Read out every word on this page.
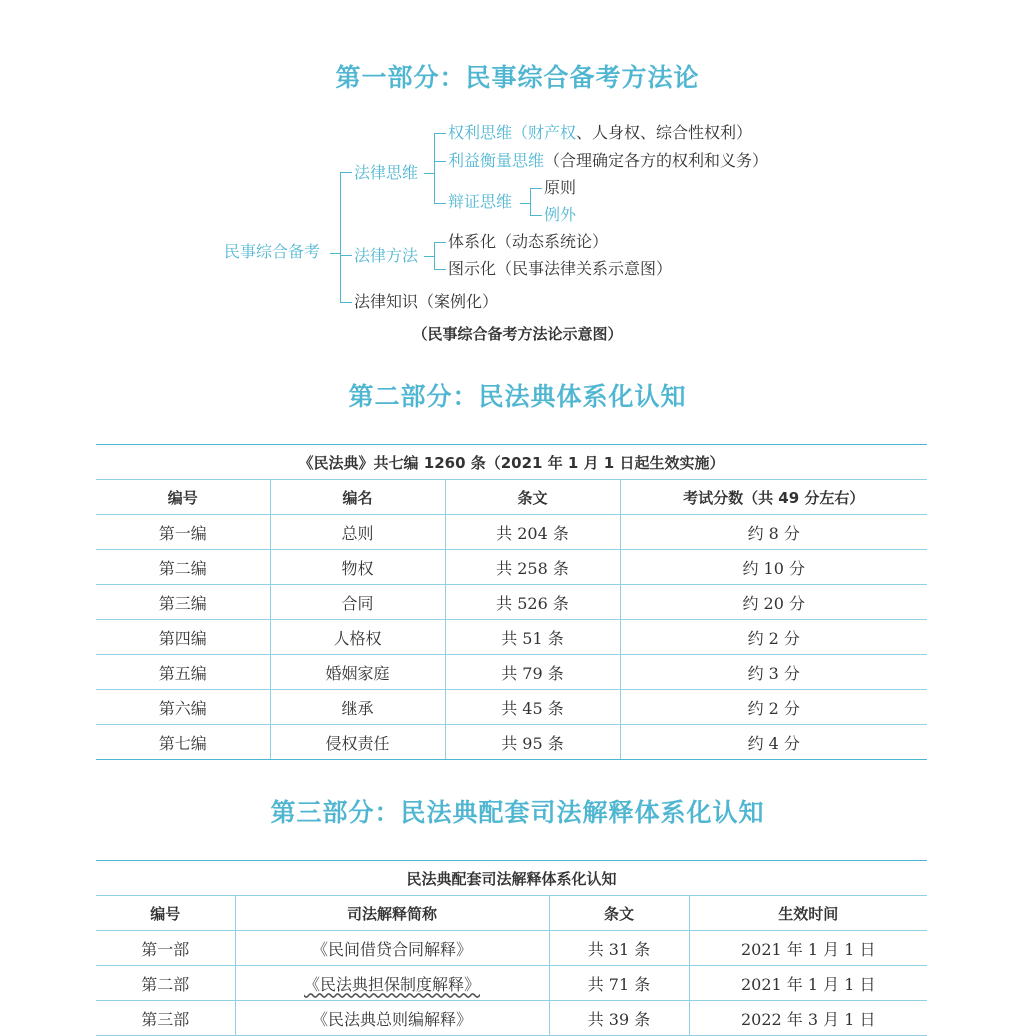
第一部分：民事综合备考方法论
民事综合备考
法律思维
权利思维（财产权、人身权、综合性权利）
利益衡量思维（合理确定各方的权利和义务）
辩证思维
原则
例外
法律方法
体系化（动态系统论）
图示化（民事法律关系示意图）
法律知识（案例化）
（民事综合备考方法论示意图）
第二部分：民法典体系化认知
《民法典》共七编 1260 条（2021 年 1 月 1 日起生效实施）			
编号	编名	条文	考试分数（共 49 分左右）
第一编	总则	共 204 条	约 8 分
第二编	物权	共 258 条	约 10 分
第三编	合同	共 526 条	约 20 分
第四编	人格权	共 51 条	约 2 分
第五编	婚姻家庭	共 79 条	约 3 分
第六编	继承	共 45 条	约 2 分
第七编	侵权责任	共 95 条	约 4 分
第三部分：民法典配套司法解释体系化认知
民法典配套司法解释体系化认知			
编号	司法解释简称	条文	生效时间
第一部	《民间借贷合同解释》	共 31 条	2021 年 1 月 1 日
第二部	《民法典担保制度解释》	共 71 条	2021 年 1 月 1 日
第三部	《民法典总则编解释》	共 39 条	2022 年 3 月 1 日
